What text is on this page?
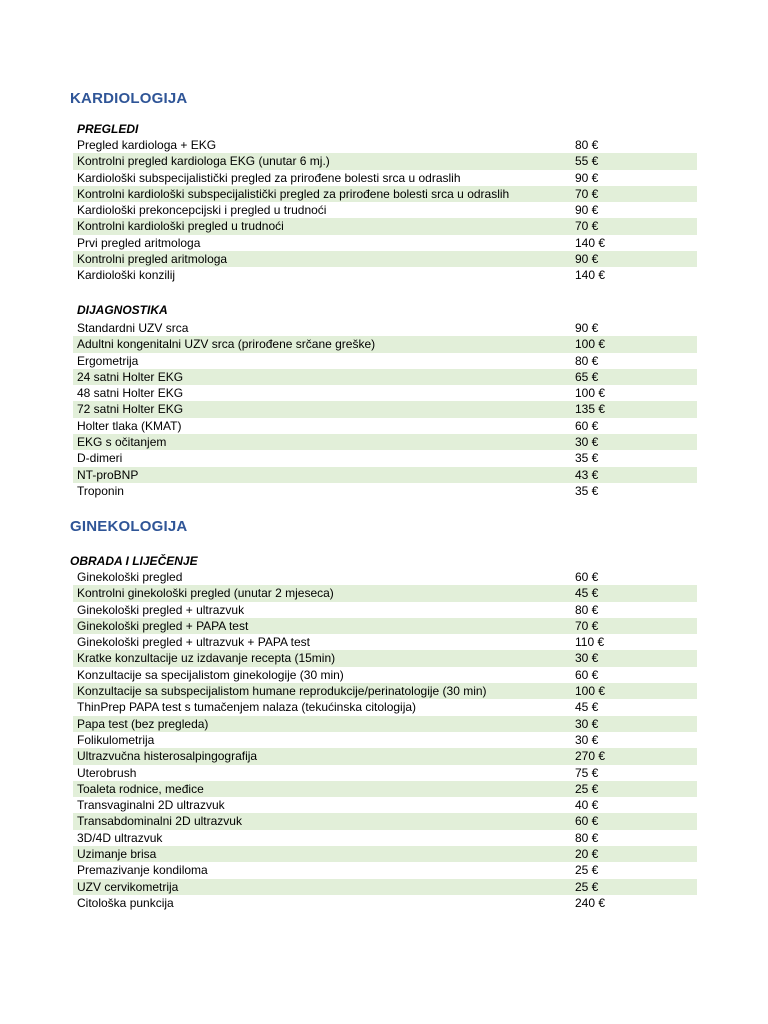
KARDIOLOGIJA
PREGLEDI
Pregled kardiologa + EKG	80 €
Kontrolni pregled kardiologa EKG (unutar 6 mj.)	55 €
Kardiološki subspecijalistički pregled za prirođene bolesti srca u odraslih	90 €
Kontrolni kardiološki subspecijalistički pregled za prirođene bolesti srca u odraslih	70 €
Kardiološki prekoncepcijski i pregled u trudnoći	90 €
Kontrolni kardiološki pregled u trudnoći	70 €
Prvi pregled aritmologa	140 €
Kontrolni pregled aritmologa	90 €
Kardiološki konzilij	140 €
DIJAGNOSTIKA
Standardni UZV srca	90 €
Adultni kongenitalni UZV srca (prirođene srčane greške)	100 €
Ergometrija	80 €
24 satni Holter EKG	65 €
48 satni Holter EKG	100 €
72 satni Holter EKG	135 €
Holter tlaka (KMAT)	60 €
EKG s očitanjem	30 €
D-dimeri	35 €
NT-proBNP	43 €
Troponin	35 €
GINEKOLOGIJA
OBRADA I LIJEČENJE
Ginekološki pregled	60 €
Kontrolni ginekološki pregled (unutar 2 mjeseca)	45 €
Ginekološki pregled + ultrazvuk	80 €
Ginekološki pregled + PAPA test	70 €
Ginekološki pregled + ultrazvuk + PAPA test	110 €
Kratke konzultacije uz izdavanje recepta (15min)	30 €
Konzultacije sa specijalistom ginekologije (30 min)	60 €
Konzultacije sa subspecijalistom humane reprodukcije/perinatologije (30 min)	100 €
ThinPrep PAPA test s tumačenjem nalaza (tekućinska citologija)	45 €
Papa test (bez pregleda)	30 €
Folikulometrija	30 €
Ultrazvučna histerosalpingografija	270 €
Uterobrush	75 €
Toaleta rodnice, međice	25 €
Transvaginalni 2D ultrazvuk	40 €
Transabdominalni 2D ultrazvuk	60 €
3D/4D ultrazvuk	80 €
Uzimanje brisa	20 €
Premazivanje kondiloma	25 €
UZV cervikometrija	25 €
Citološka punkcija	240 €
